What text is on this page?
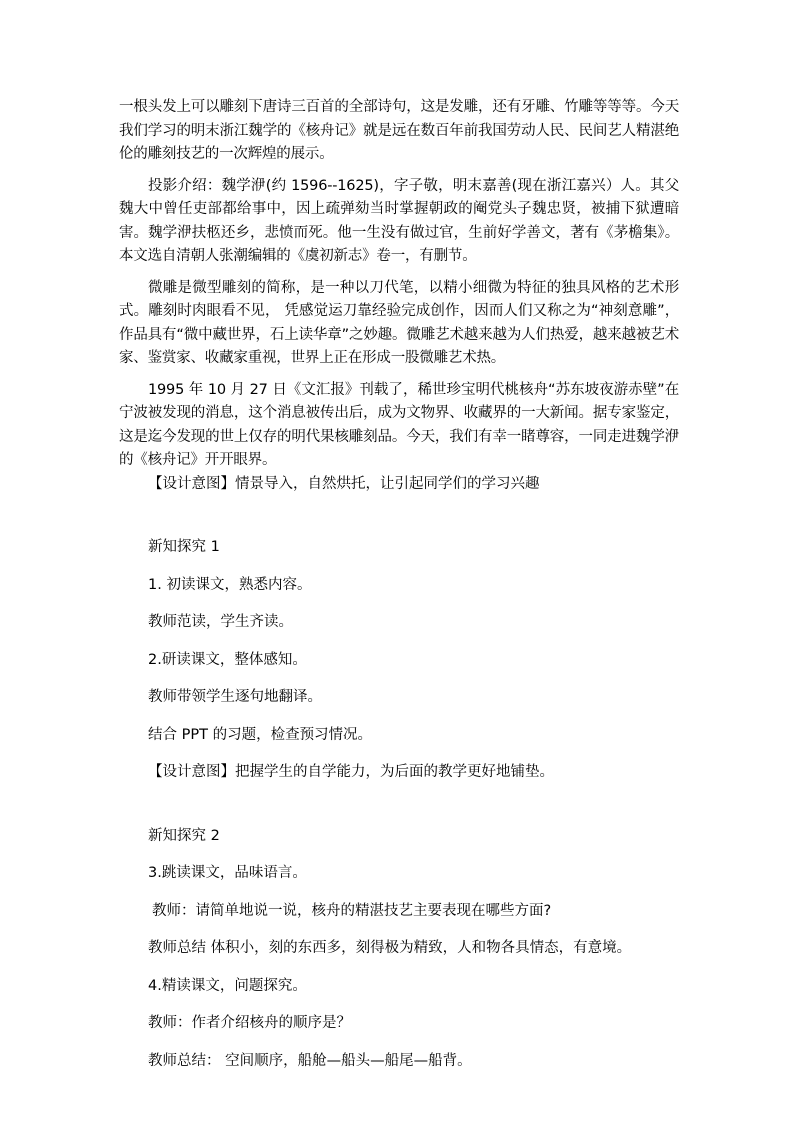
一根头发上可以雕刻下唐诗三百首的全部诗句，这是发雕，还有牙雕、竹雕等等等。今天我们学习的明末浙江魏学的《核舟记》就是远在数百年前我国劳动人民、民间艺人精湛绝伦的雕刻技艺的一次辉煌的展示。

投影介绍：魏学洢(约 1596--1625)，字子敬，明末嘉善(现在浙江嘉兴）人。其父魏大中曾任吏部都给事中，因上疏弹劾当时掌握朝政的阉党头子魏忠贤，被捕下狱遭暗害。魏学洢扶柩还乡，悲愤而死。他一生没有做过官，生前好学善文，著有《茅檐集》。本文选自清朝人张潮编辑的《虞初新志》卷一，有删节。

微雕是微型雕刻的简称，是一种以刀代笔，以精小细微为特征的独具风格的艺术形式。雕刻时肉眼看不见， 凭感觉运刀靠经验完成创作，因而人们又称之为“神刻意雕”，作品具有“微中藏世界，石上读华章”之妙趣。微雕艺术越来越为人们热爱，越来越被艺术家、鉴赏家、收藏家重视，世界上正在形成一股微雕艺术热。

1995 年 10 月 27 日《文汇报》刊载了，稀世珍宝明代桃核舟“苏东坡夜游赤壁”在宁波被发现的消息，这个消息被传出后，成为文物界、收藏界的一大新闻。据专家鉴定，这是迄今发现的世上仅存的明代果核雕刻品。今天，我们有幸一睹尊容，一同走进魏学洢的《核舟记》开开眼界。

【设计意图】情景导入，自然烘托，让引起同学们的学习兴趣

新知探究 1

1. 初读课文，熟悉内容。

教师范读，学生齐读。

2.研读课文，整体感知。

教师带领学生逐句地翻译。

结合 PPT 的习题，检查预习情况。

【设计意图】把握学生的自学能力，为后面的教学更好地铺垫。

新知探究 2

3.跳读课文，品味语言。

教师：请简单地说一说，核舟的精湛技艺主要表现在哪些方面?

教师总结 体积小，刻的东西多，刻得极为精致，人和物各具情态，有意境。

4.精读课文，问题探究。

教师：作者介绍核舟的顺序是？

教师总结： 空间顺序，船舱—船头—船尾—船背。
